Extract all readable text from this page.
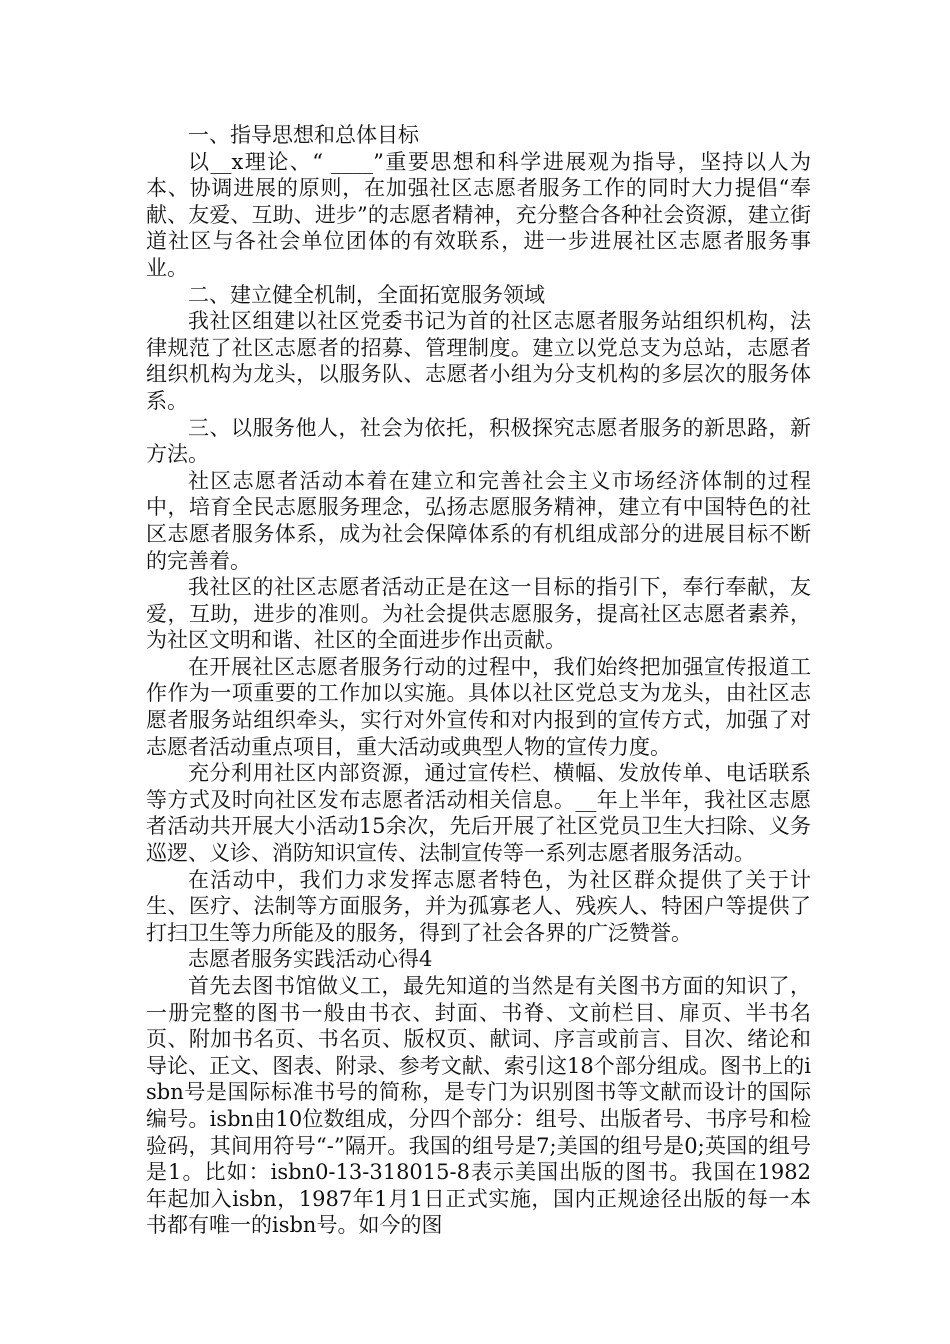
一、指导思想和总体目标

以__x理论、“ ____”重要思想和科学进展观为指导，坚持以人为本、协调进展的原则，在加强社区志愿者服务工作的同时大力提倡“奉献、友爱、互助、进步”的志愿者精神，充分整合各种社会资源，建立街道社区与各社会单位团体的有效联系，进一步进展社区志愿者服务事业。

二、建立健全机制，全面拓宽服务领域

我社区组建以社区党委书记为首的社区志愿者服务站组织机构，法律规范了社区志愿者的招募、管理制度。建立以党总支为总站，志愿者组织机构为龙头，以服务队、志愿者小组为分支机构的多层次的服务体系。

三、以服务他人，社会为依托，积极探究志愿者服务的新思路，新方法。

社区志愿者活动本着在建立和完善社会主义市场经济体制的过程中，培育全民志愿服务理念，弘扬志愿服务精神，建立有中国特色的社区志愿者服务体系，成为社会保障体系的有机组成部分的进展目标不断的完善着。

我社区的社区志愿者活动正是在这一目标的指引下，奉行奉献，友爱，互助，进步的准则。为社会提供志愿服务，提高社区志愿者素养，为社区文明和谐、社区的全面进步作出贡献。

在开展社区志愿者服务行动的过程中，我们始终把加强宣传报道工作作为一项重要的工作加以实施。具体以社区党总支为龙头，由社区志愿者服务站组织牵头，实行对外宣传和对内报到的宣传方式，加强了对志愿者活动重点项目，重大活动或典型人物的宣传力度。

充分利用社区内部资源，通过宣传栏、横幅、发放传单、电话联系等方式及时向社区发布志愿者活动相关信息。__年上半年，我社区志愿者活动共开展大小活动15余次，先后开展了社区党员卫生大扫除、义务巡逻、义诊、消防知识宣传、法制宣传等一系列志愿者服务活动。

在活动中，我们力求发挥志愿者特色，为社区群众提供了关于计生、医疗、法制等方面服务，并为孤寡老人、残疾人、特困户等提供了打扫卫生等力所能及的服务，得到了社会各界的广泛赞誉。

志愿者服务实践活动心得4

首先去图书馆做义工，最先知道的当然是有关图书方面的知识了，一册完整的图书一般由书衣、封面、书脊、文前栏目、扉页、半书名页、附加书名页、书名页、版权页、献词、序言或前言、目次、绪论和导论、正文、图表、附录、参考文献、索引这18个部分组成。图书上的isbn号是国际标准书号的简称，是专门为识别图书等文献而设计的国际编号。isbn由10位数组成，分四个部分：组号、出版者号、书序号和检验码，其间用符号“-”隔开。我国的组号是7;美国的组号是0;英国的组号是1。比如：isbn0-13-318015-8表示美国出版的图书。我国在1982年起加入isbn，1987年1月1日正式实施，国内正规途径出版的每一本书都有唯一的isbn号。如今的图
